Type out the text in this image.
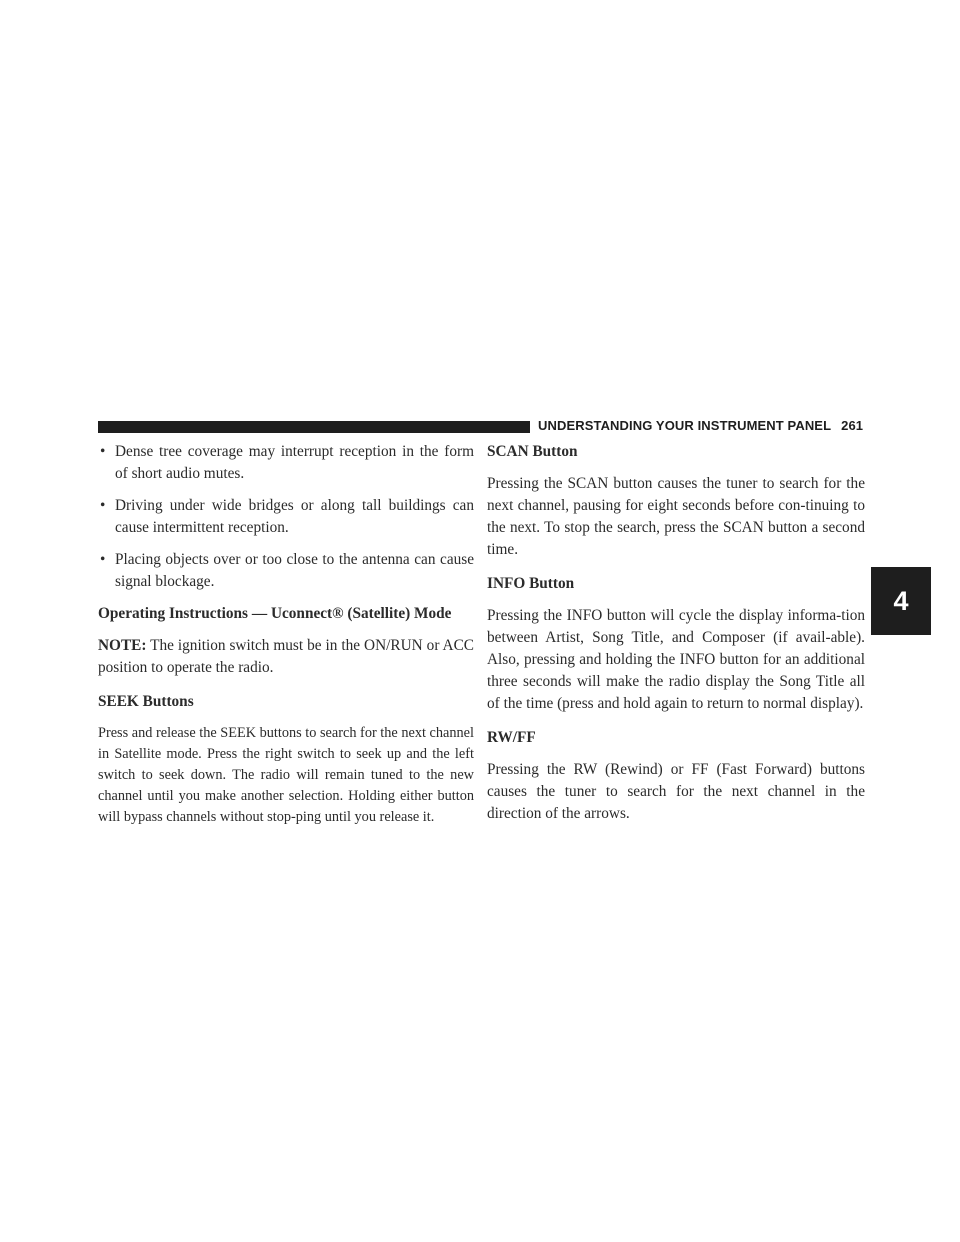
UNDERSTANDING YOUR INSTRUMENT PANEL 261
4
• Dense tree coverage may interrupt reception in the form of short audio mutes.
• Driving under wide bridges or along tall buildings can cause intermittent reception.
• Placing objects over or too close to the antenna can cause signal blockage.
Operating Instructions — Uconnect® (Satellite) Mode

NOTE: The ignition switch must be in the ON/RUN or ACC position to operate the radio.

SEEK Buttons

Press and release the SEEK buttons to search for the next channel in Satellite mode. Press the right switch to seek up and the left switch to seek down. The radio will remain tuned to the new channel until you make another selection. Holding either button will bypass channels without stop-ping until you release it.

SCAN Button

Pressing the SCAN button causes the tuner to search for the next channel, pausing for eight seconds before con-tinuing to the next. To stop the search, press the SCAN button a second time.

INFO Button

Pressing the INFO button will cycle the display informa-tion between Artist, Song Title, and Composer (if avail-able). Also, pressing and holding the INFO button for an additional three seconds will make the radio display the Song Title all of the time (press and hold again to return to normal display).

RW/FF

Pressing the RW (Rewind) or FF (Fast Forward) buttons causes the tuner to search for the next channel in the direction of the arrows.
